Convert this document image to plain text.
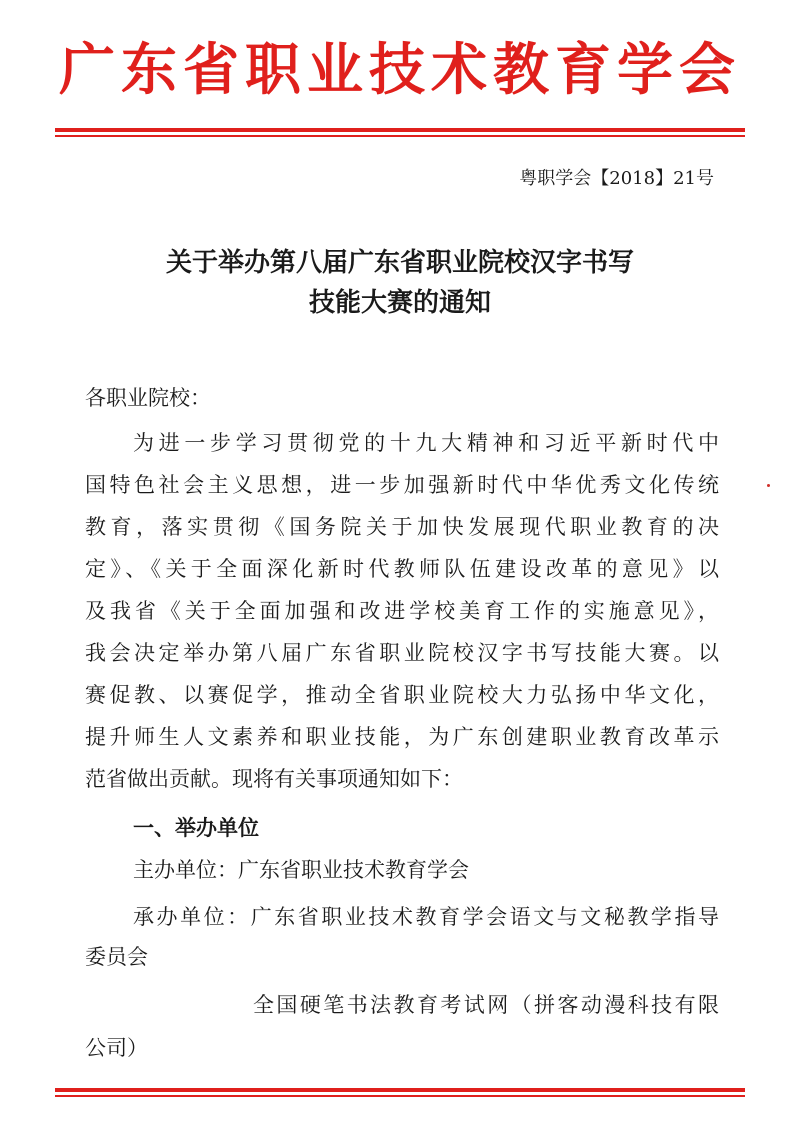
广东省职业技术教育学会
粤职学会【2018】21号
关于举办第八届广东省职业院校汉字书写
技能大赛的通知
各职业院校：
为进一步学习贯彻党的十九大精神和习近平新时代中
国特色社会主义思想，进一步加强新时代中华优秀文化传统
教育，落实贯彻《国务院关于加快发展现代职业教育的决
定》、《关于全面深化新时代教师队伍建设改革的意见》以
及我省《关于全面加强和改进学校美育工作的实施意见》，
我会决定举办第八届广东省职业院校汉字书写技能大赛。以
赛促教、以赛促学，推动全省职业院校大力弘扬中华文化，
提升师生人文素养和职业技能，为广东创建职业教育改革示
范省做出贡献。现将有关事项通知如下：
一、举办单位
主办单位：广东省职业技术教育学会
承办单位：广东省职业技术教育学会语文与文秘教学指导
委员会
全国硬笔书法教育考试网（拼客动漫科技有限
公司）
